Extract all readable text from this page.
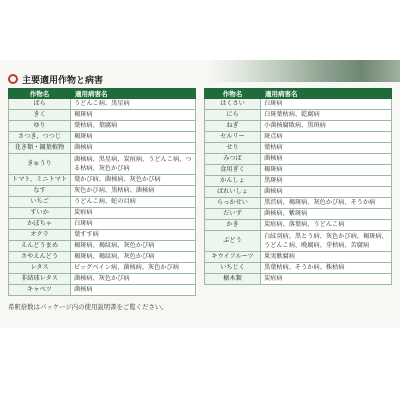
主要適用作物と病害
作物名	適用病害名
ばら	うどんこ病、黒星病
きく	褐斑病
ゆり	葉枯病、葉腐病
さつき、つつじ	褐斑病
花き類・観葉植物	菌核病
きゅうり	菌核病、黒星病、炭疽病、うどんこ病、つる枯病、灰色かび病
トマト、ミニトマト	葉かび病、菌核病、灰色かび病
なす	灰色かび病、黒枯病、菌核病
いちご	うどんこ病、蛇の目病
すいか	炭疽病
かぼちゃ	白斑病
オクラ	葉すす病
えんどうまめ	褐斑病、褐紋病、灰色かび病
さやえんどう	褐斑病、褐紋病、灰色かび病
レタス	ビッグベイン病、菌核病、灰色かび病
非結球レタス	菌核病、灰色かび病
キャベツ	菌核病
作物名	適用病害名
はくさい	白斑病
にら	白斑葉枯病、乾腐病
ねぎ	小菌核腐敗病、黒斑病
セルリー	斑点病
せり	葉枯病
みつば	菌核病
食用ぎく	褐斑病
かんしょ	黒斑病
ばれいしょ	菌核病
らっかせい	黒渋病、褐斑病、灰色かび病、そうか病
だいず	菌核病、紫斑病
かき	炭疽病、落葉病、うどんこ病
ぶどう	白紋羽病、黒とう病、灰色かび病、褐斑病、うどんこ病、晩腐病、芽枯病、苦腐病
キウイフルーツ	果実軟腐病
いちじく	黒葉枯病、そうか病、株枯病
樹木類	炭疽病
希釈倍数はパッケージ内の使用説明書をご覧ください。
